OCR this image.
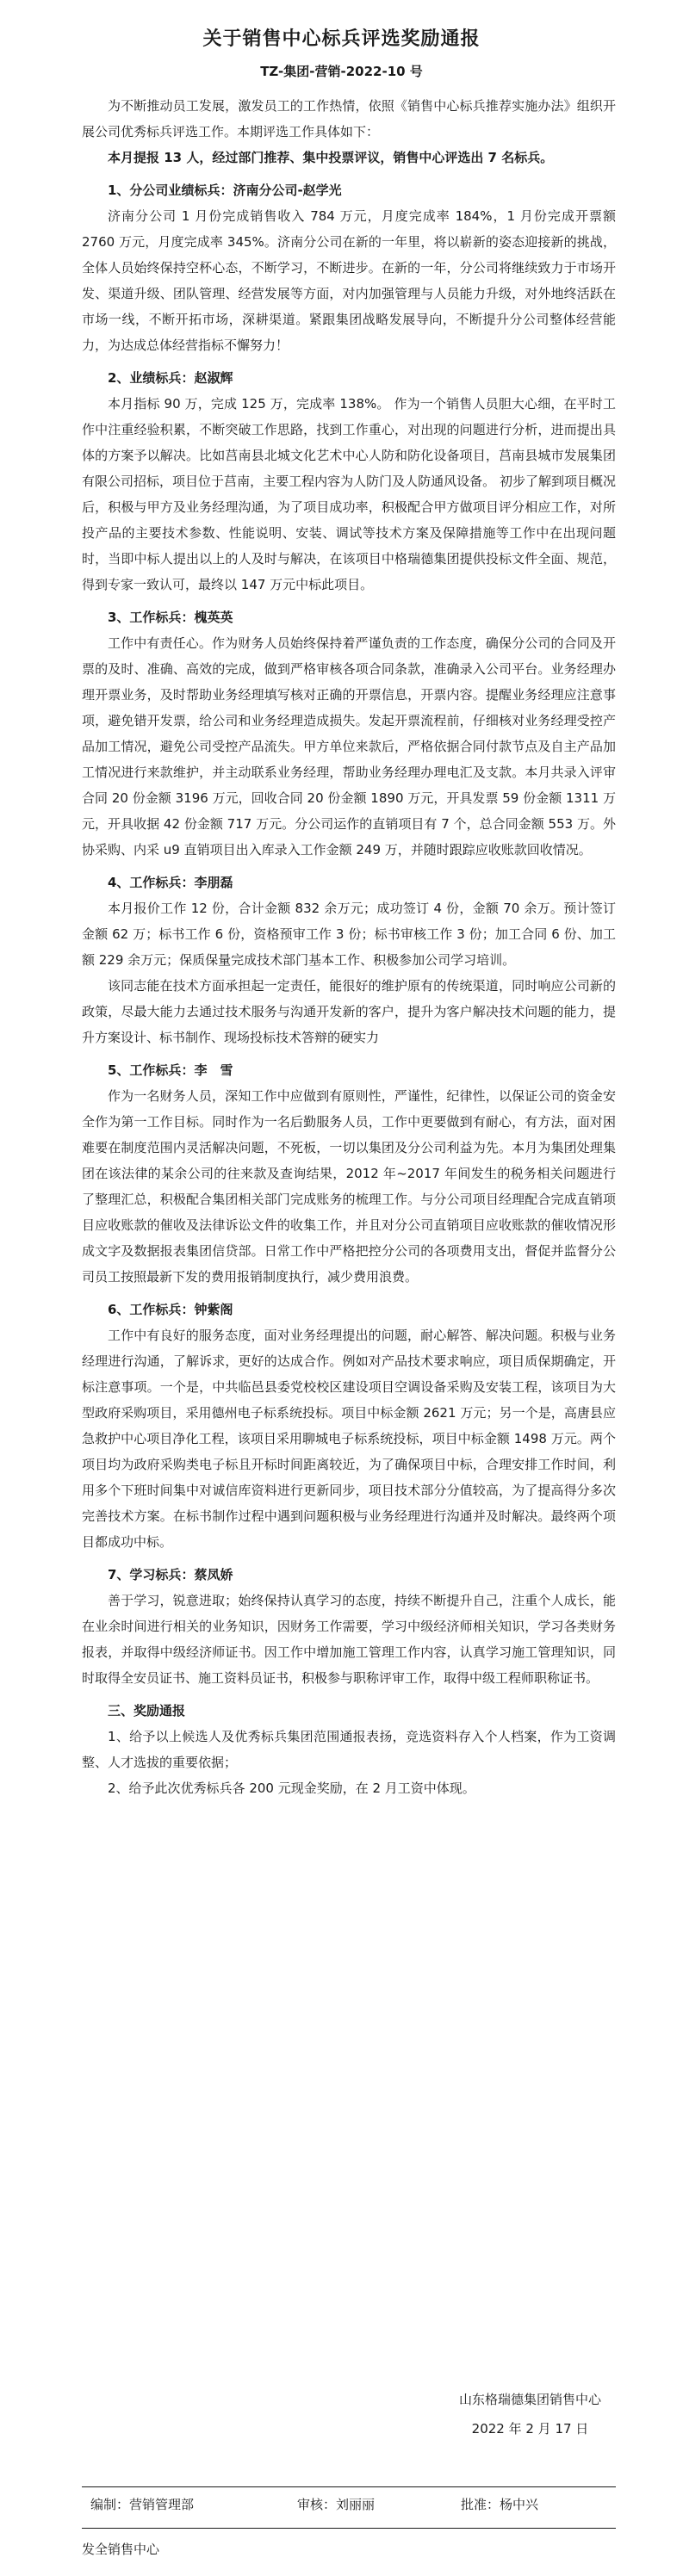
关于销售中心标兵评选奖励通报
TZ-集团-营销-2022-10 号

为不断推动员工发展，激发员工的工作热情，依照《销售中心标兵推荐实施办法》组织开展公司优秀标兵评选工作。本期评选工作具体如下：

本月提报 13 人，经过部门推荐、集中投票评议，销售中心评选出 7 名标兵。

1、分公司业绩标兵：济南分公司-赵学光

济南分公司 1 月份完成销售收入 784 万元，月度完成率 184%，1 月份完成开票额 2760 万元，月度完成率 345%。济南分公司在新的一年里，将以崭新的姿态迎接新的挑战，全体人员始终保持空杯心态，不断学习，不断进步。在新的一年，分公司将继续致力于市场开发、渠道升级、团队管理、经营发展等方面，对内加强管理与人员能力升级，对外地终活跃在市场一线，不断开拓市场，深耕渠道。紧跟集团战略发展导向，不断提升分公司整体经营能力，为达成总体经营指标不懈努力！

2、业绩标兵：赵淑辉

本月指标 90 万，完成 125 万，完成率 138%。 作为一个销售人员胆大心细，在平时工作中注重经验积累，不断突破工作思路，找到工作重心，对出现的问题进行分析，进而提出具体的方案予以解决。比如莒南县北城文化艺术中心人防和防化设备项目，莒南县城市发展集团有限公司招标，项目位于莒南，主要工程内容为人防门及人防通风设备。 初步了解到项目概况后，积极与甲方及业务经理沟通，为了项目成功率，积极配合甲方做项目评分相应工作，对所投产品的主要技术参数、性能说明、安装、调试等技术方案及保障措施等工作中在出现问题时，当即中标人提出以上的人及时与解决，在该项目中格瑞德集团提供投标文件全面、规范，得到专家一致认可，最终以 147 万元中标此项目。

3、工作标兵：槐英英

工作中有责任心。作为财务人员始终保持着严谨负责的工作态度，确保分公司的合同及开票的及时、准确、高效的完成，做到严格审核各项合同条款，准确录入公司平台。业务经理办理开票业务，及时帮助业务经理填写核对正确的开票信息，开票内容。提醒业务经理应注意事项，避免错开发票，给公司和业务经理造成损失。发起开票流程前，仔细核对业务经理受控产品加工情况，避免公司受控产品流失。甲方单位来款后，严格依据合同付款节点及自主产品加工情况进行来款维护，并主动联系业务经理，帮助业务经理办理电汇及支款。本月共录入评审合同 20 份金额 3196 万元，回收合同 20 份金额 1890 万元，开具发票 59 份金额 1311 万元，开具收据 42 份金额 717 万元。分公司运作的直销项目有 7 个，总合同金额 553 万。外协采购、内采 u9 直销项目出入库录入工作金额 249 万，并随时跟踪应收账款回收情况。

4、工作标兵：李朋磊

本月报价工作 12 份，合计金额 832 余万元；成功签订 4 份，金额 70 余万。预计签订金额 62 万；标书工作 6 份，资格预审工作 3 份；标书审核工作 3 份；加工合同 6 份、加工额 229 余万元；保质保量完成技术部门基本工作、积极参加公司学习培训。

该同志能在技术方面承担起一定责任，能很好的维护原有的传统渠道，同时响应公司新的政策，尽最大能力去通过技术服务与沟通开发新的客户，提升为客户解决技术问题的能力，提升方案设计、标书制作、现场投标技术答辩的硬实力

5、工作标兵：李　雪

作为一名财务人员，深知工作中应做到有原则性，严谨性，纪律性，以保证公司的资金安全作为第一工作目标。同时作为一名后勤服务人员，工作中更要做到有耐心，有方法，面对困难要在制度范围内灵活解决问题，不死板，一切以集团及分公司利益为先。本月为集团处理集团在该法律的某余公司的往来款及查询结果，2012 年~2017 年间发生的税务相关问题进行了整理汇总，积极配合集团相关部门完成账务的梳理工作。与分公司项目经理配合完成直销项目应收账款的催收及法律诉讼文件的收集工作，并且对分公司直销项目应收账款的催收情况形成文字及数据报表集团信贷部。日常工作中严格把控分公司的各项费用支出，督促并监督分公司员工按照最新下发的费用报销制度执行，减少费用浪费。

6、工作标兵：钟紫阁

工作中有良好的服务态度，面对业务经理提出的问题，耐心解答、解决问题。积极与业务经理进行沟通，了解诉求，更好的达成合作。例如对产品技术要求响应，项目质保期确定，开标注意事项。一个是，中共临邑县委党校校区建设项目空调设备采购及安装工程，该项目为大型政府采购项目，采用德州电子标系统投标。项目中标金额 2621 万元；另一个是，高唐县应急救护中心项目净化工程，该项目采用聊城电子标系统投标，项目中标金额 1498 万元。两个项目均为政府采购类电子标且开标时间距离较近，为了确保项目中标，合理安排工作时间，利用多个下班时间集中对诚信库资料进行更新同步，项目技术部分分值较高，为了提高得分多次完善技术方案。在标书制作过程中遇到问题积极与业务经理进行沟通并及时解决。最终两个项目都成功中标。

7、学习标兵：蔡凤娇

善于学习，锐意进取；始终保持认真学习的态度，持续不断提升自己，注重个人成长，能在业余时间进行相关的业务知识，因财务工作需要，学习中级经济师相关知识，学习各类财务报表，并取得中级经济师证书。因工作中增加施工管理工作内容，认真学习施工管理知识，同时取得全安员证书、施工资料员证书，积极参与职称评审工作，取得中级工程师职称证书。

三、奖励通报

1、给予以上候选人及优秀标兵集团范围通报表扬，竞选资料存入个人档案，作为工资调整、人才选拔的重要依据；

2、给予此次优秀标兵各 200 元现金奖励，在 2 月工资中体现。

山东格瑞德集团销售中心
2022 年 2 月 17 日
编制：营销管理部	审核：刘丽丽	批准：杨中兴
发全销售中心
